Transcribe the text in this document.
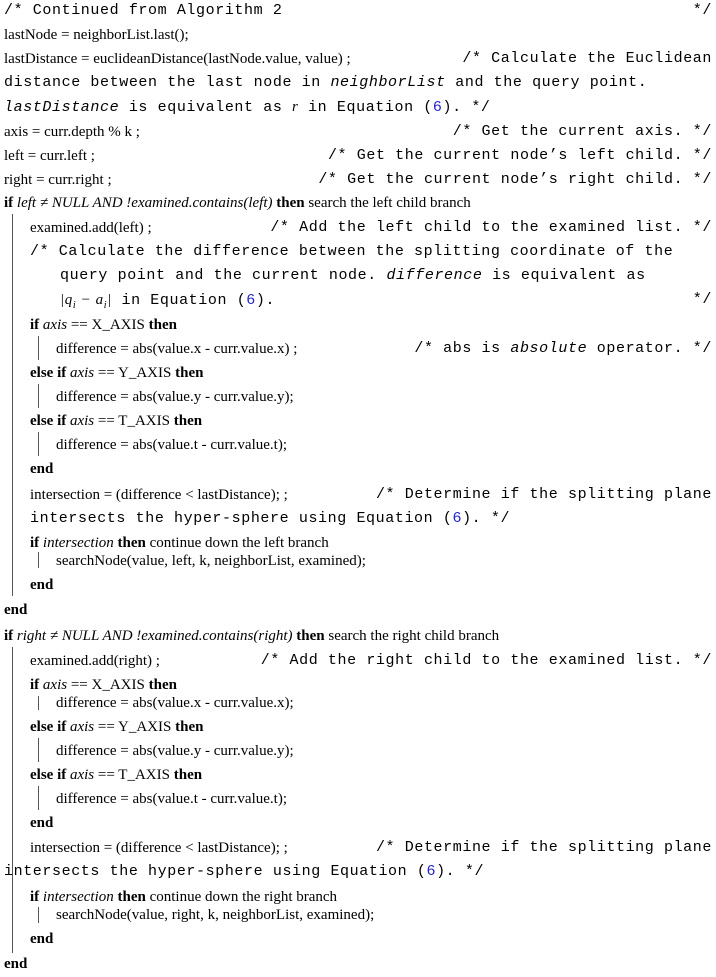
/* Continued from Algorithm 2	*/
lastNode = neighborList.last();
lastDistance = euclideanDistance(lastNode.value, value) ;	/* Calculate the Euclidean
distance between the last node in neighborList and the query point.
lastDistance is equivalent as r in Equation (6). */
axis = curr.depth % k ;	/* Get the current axis. */
left = curr.left ;	/* Get the current node’s left child. */
right = curr.right ;	/* Get the current node’s right child. */
if left ≠ NULL AND !examined.contains(left) then search the left child branch
examined.add(left) ;	/* Add the left child to the examined list. */
/* Calculate the difference between the splitting coordinate of the
query point and the current node. difference is equivalent as
$|q_i - a_i|$ in Equation (6).	*/
if axis == X_AXIS then
difference = abs(value.x - curr.value.x) ;	/* abs is absolute operator. */
else if axis == Y_AXIS then
difference = abs(value.y - curr.value.y);
else if axis == T_AXIS then
difference = abs(value.t - curr.value.t);
end
intersection = (difference < lastDistance); ;	/* Determine if the splitting plane
intersects the hyper-sphere using Equation (6). */
if intersection then continue down the left branch
searchNode(value, left, k, neighborList, examined);
end
end
if right ≠ NULL AND !examined.contains(right) then search the right child branch
examined.add(right) ;	/* Add the right child to the examined list. */
if axis == X_AXIS then
difference = abs(value.x - curr.value.x);
else if axis == Y_AXIS then
difference = abs(value.y - curr.value.y);
else if axis == T_AXIS then
difference = abs(value.t - curr.value.t);
end
intersection = (difference < lastDistance); ;	/* Determine if the splitting plane
intersects the hyper-sphere using Equation (6). */
if intersection then continue down the right branch
searchNode(value, right, k, neighborList, examined);
end
end
